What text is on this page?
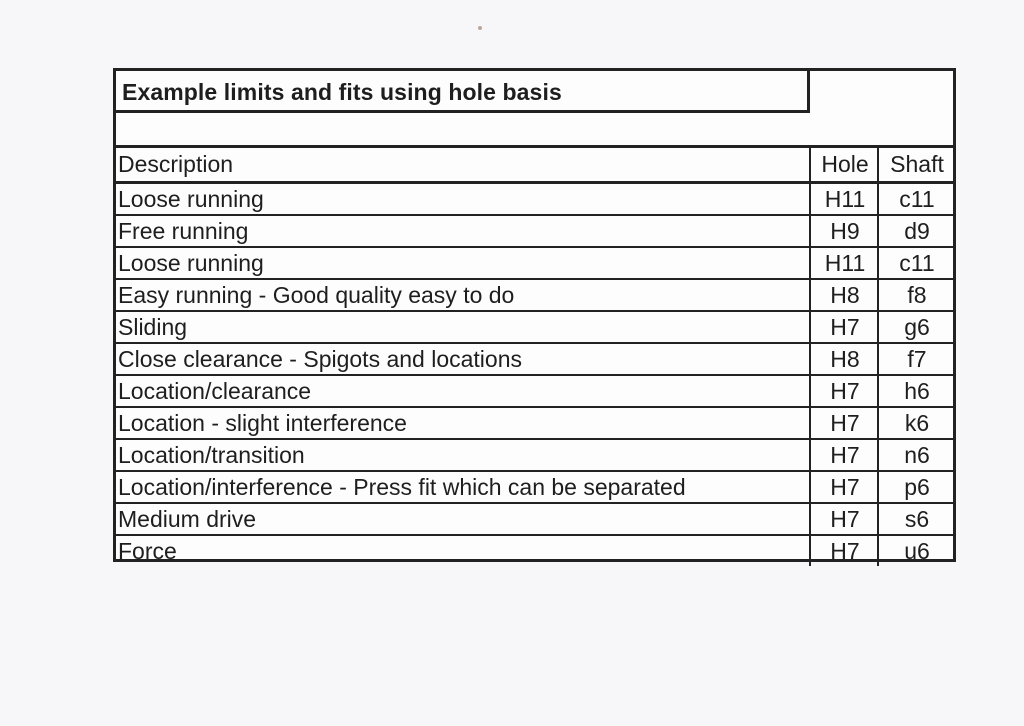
Example limits and fits using hole basis
Description	Hole	Shaft
Loose running	H11	c11
Free running	H9	d9
Loose running	H11	c11
Easy running - Good quality easy to do	H8	f8
Sliding	H7	g6
Close clearance - Spigots and locations	H8	f7
Location/clearance	H7	h6
Location - slight interference	H7	k6
Location/transition	H7	n6
Location/interference - Press fit which can be separated	H7	p6
Medium drive	H7	s6
Force	H7	u6
